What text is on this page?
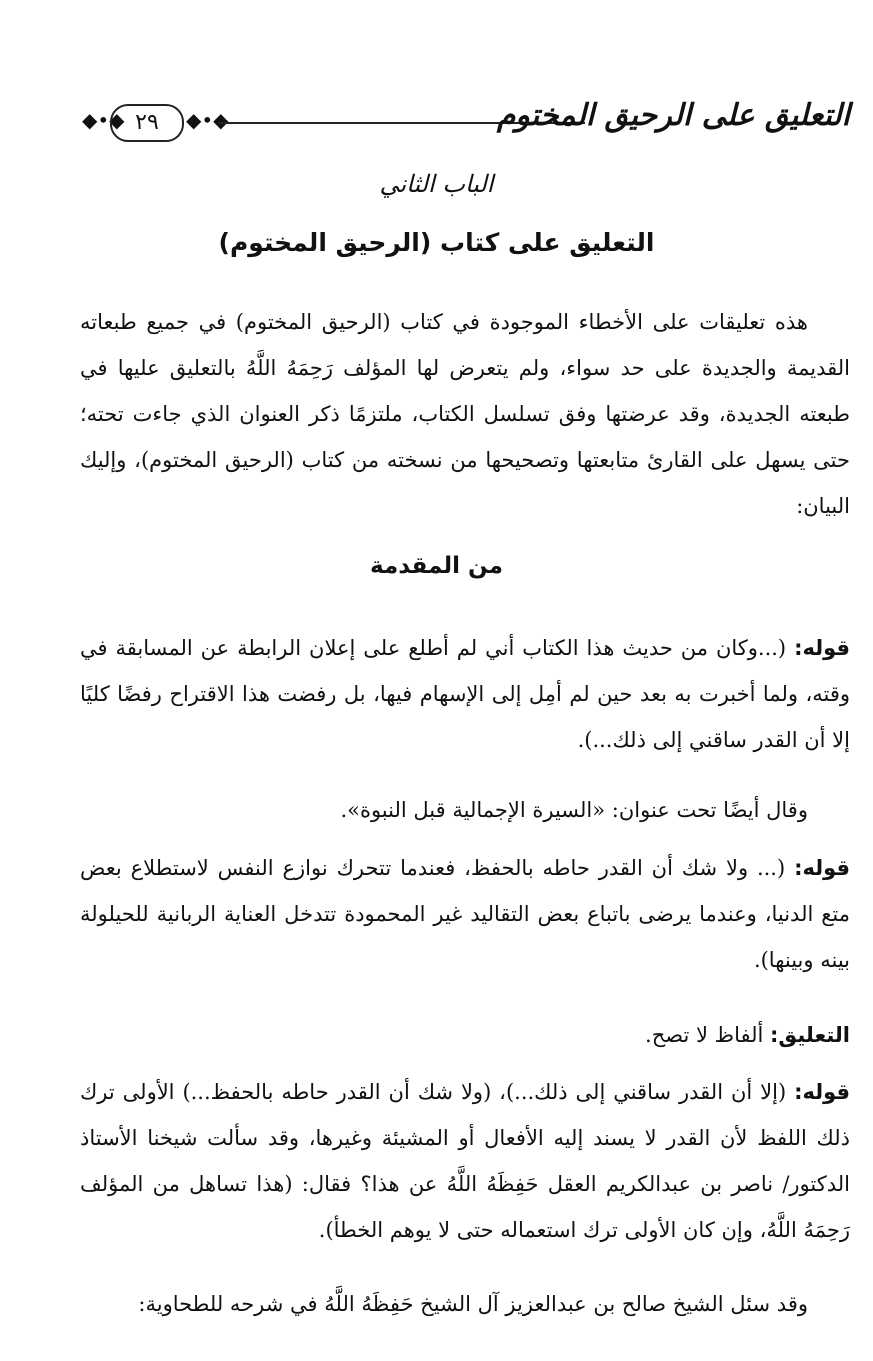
◆•◆ ٢٩	◆•◆	التعليق على الرحيق المختوم
الباب الثاني
التعليق على كتاب (الرحيق المختوم)

هذه تعليقات على الأخطاء الموجودة في كتاب (الرحيق المختوم) في جميع طبعاته القديمة والجديدة على حد سواء، ولم يتعرض لها المؤلف رَحِمَهُ اللَّهُ بالتعليق عليها في طبعته الجديدة، وقد عرضتها وفق تسلسل الكتاب، ملتزمًا ذكر العنوان الذي جاءت تحته؛ حتى يسهل على القارئ متابعتها وتصحيحها من نسخته من كتاب (الرحيق المختوم)، وإليك البيان:

من المقدمة

قوله: (...وكان من حديث هذا الكتاب أني لم أطلع على إعلان الرابطة عن المسابقة في وقته، ولما أخبرت به بعد حين لم أمِل إلى الإسهام فيها، بل رفضت هذا الاقتراح رفضًا كليًا إلا أن القدر ساقني إلى ذلك...).

وقال أيضًا تحت عنوان: «السيرة الإجمالية قبل النبوة».

قوله: (... ولا شك أن القدر حاطه بالحفظ، فعندما تتحرك نوازع النفس لاستطلاع بعض متع الدنيا، وعندما يرضى باتباع بعض التقاليد غير المحمودة تتدخل العناية الربانية للحيلولة بينه وبينها).

التعليق: ألفاظ لا تصح.

قوله: (إلا أن القدر ساقني إلى ذلك...)، (ولا شك أن القدر حاطه بالحفظ...) الأولى ترك ذلك اللفظ لأن القدر لا يسند إليه الأفعال أو المشيئة وغيرها، وقد سألت شيخنا الأستاذ الدكتور/ ناصر بن عبدالكريم العقل حَفِظَهُ اللَّهُ عن هذا؟ فقال: (هذا تساهل من المؤلف رَحِمَهُ اللَّهُ، وإن كان الأولى ترك استعماله حتى لا يوهم الخطأ).

وقد سئل الشيخ صالح بن عبدالعزيز آل الشيخ حَفِظَهُ اللَّهُ في شرحه للطحاوية:
